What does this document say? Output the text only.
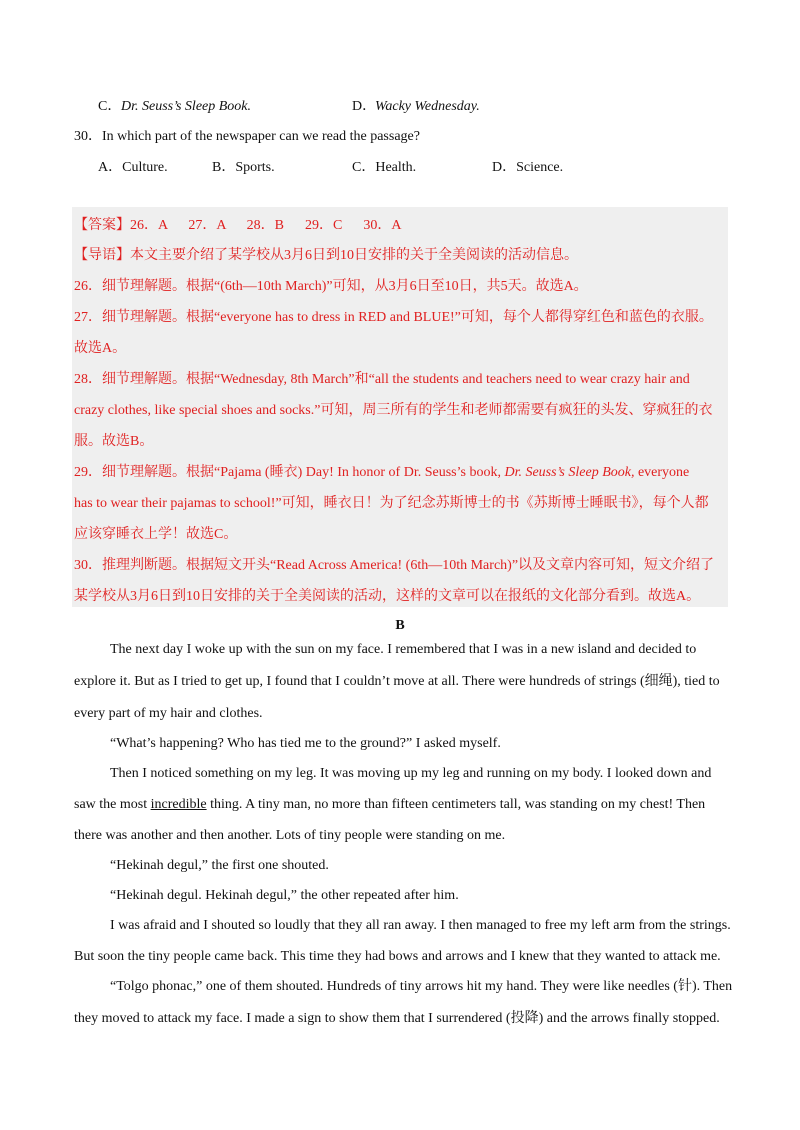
C． Dr. Seuss’s Sleep Book.	D．
Wacky Wednesday.
30．In which part of the newspaper can we read the passage?
A．Culture.	B．Sports.	C．Health.	D．Science.
【答案】26．A      27．A      28．B      29．C      30．A
【导语】本文主要介绍了某学校从3月6日到10日安排的关于全美阅读的活动信息。
26．细节理解题。根据“(6th—10th March)”可知，从3月6日至10日，共5天。故选A。
27．细节理解题。根据“everyone has to dress in RED and BLUE!”可知，每个人都得穿红色和蓝色的衣服。
故选A。
28．细节理解题。根据“Wednesday, 8th March”和“all the students and teachers need to wear crazy hair and
crazy clothes, like special shoes and socks.”可知，周三所有的学生和老师都需要有疯狂的头发、穿疯狂的衣
服。故选B。
29．细节理解题。根据“Pajama (睡衣) Day! In honor of Dr. Seuss’s book, Dr. Seuss’s Sleep Book, everyone
has to wear their pajamas to school!”可知，睡衣日！为了纪念苏斯博士的书《苏斯博士睡眠书》，每个人都
应该穿睡衣上学！故选C。
30．推理判断题。根据短文开头“Read Across America! (6th—10th March)”以及文章内容可知，短文介绍了
某学校从3月6日到10日安排的关于全美阅读的活动，这样的文章可以在报纸的文化部分看到。故选A。
B
The next day I woke up with the sun on my face. I remembered that I was in a new island and decided to
explore it. But as I tried to get up, I found that I couldn’t move at all. There were hundreds of strings (细绳), tied to
every part of my hair and clothes.
“What’s happening? Who has tied me to the ground?” I asked myself.
Then I noticed something on my leg. It was moving up my leg and running on my body. I looked down and
saw the most incredible thing. A tiny man, no more than fifteen centimeters tall, was standing on my chest! Then
there was another and then another. Lots of tiny people were standing on me.
“Hekinah degul,” the first one shouted.
“Hekinah degul. Hekinah degul,” the other repeated after him.
I was afraid and I shouted so loudly that they all ran away. I then managed to free my left arm from the strings.
But soon the tiny people came back. This time they had bows and arrows and I knew that they wanted to attack me.
“Tolgo phonac,” one of them shouted. Hundreds of tiny arrows hit my hand. They were like needles (针). Then
they moved to attack my face. I made a sign to show them that I surrendered (投降) and the arrows finally stopped.
